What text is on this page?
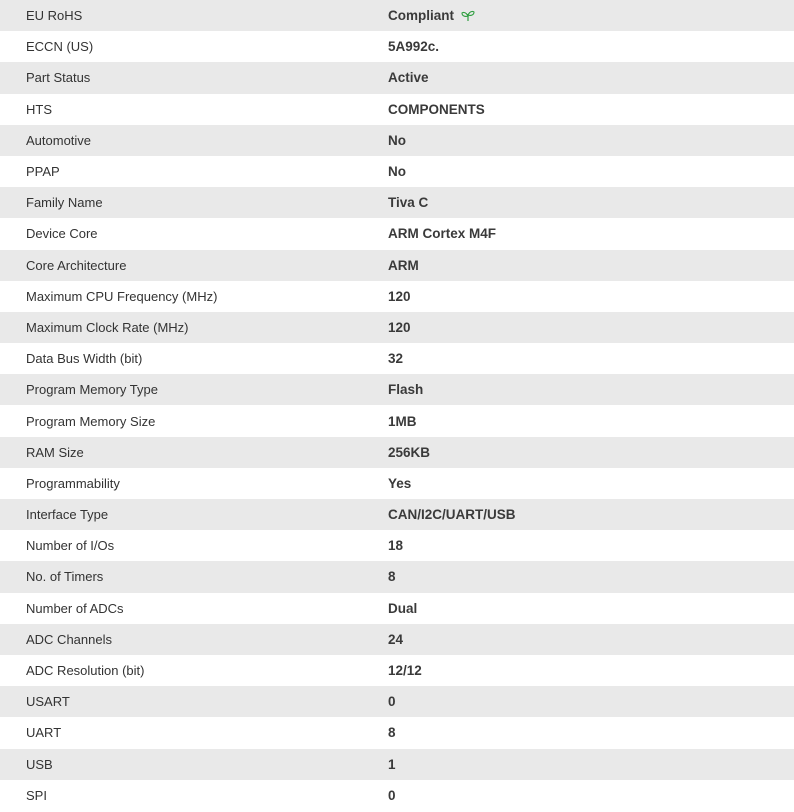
EU RoHS	Compliant
ECCN (US)	5A992c.
Part Status	Active
HTS	COMPONENTS
Automotive	No
PPAP	No
Family Name	Tiva C
Device Core	ARM Cortex M4F
Core Architecture	ARM
Maximum CPU Frequency (MHz)	120
Maximum Clock Rate (MHz)	120
Data Bus Width (bit)	32
Program Memory Type	Flash
Program Memory Size	1MB
RAM Size	256KB
Programmability	Yes
Interface Type	CAN/I2C/UART/USB
Number of I/Os	18
No. of Timers	8
Number of ADCs	Dual
ADC Channels	24
ADC Resolution (bit)	12/12
USART	0
UART	8
USB	1
SPI	0
